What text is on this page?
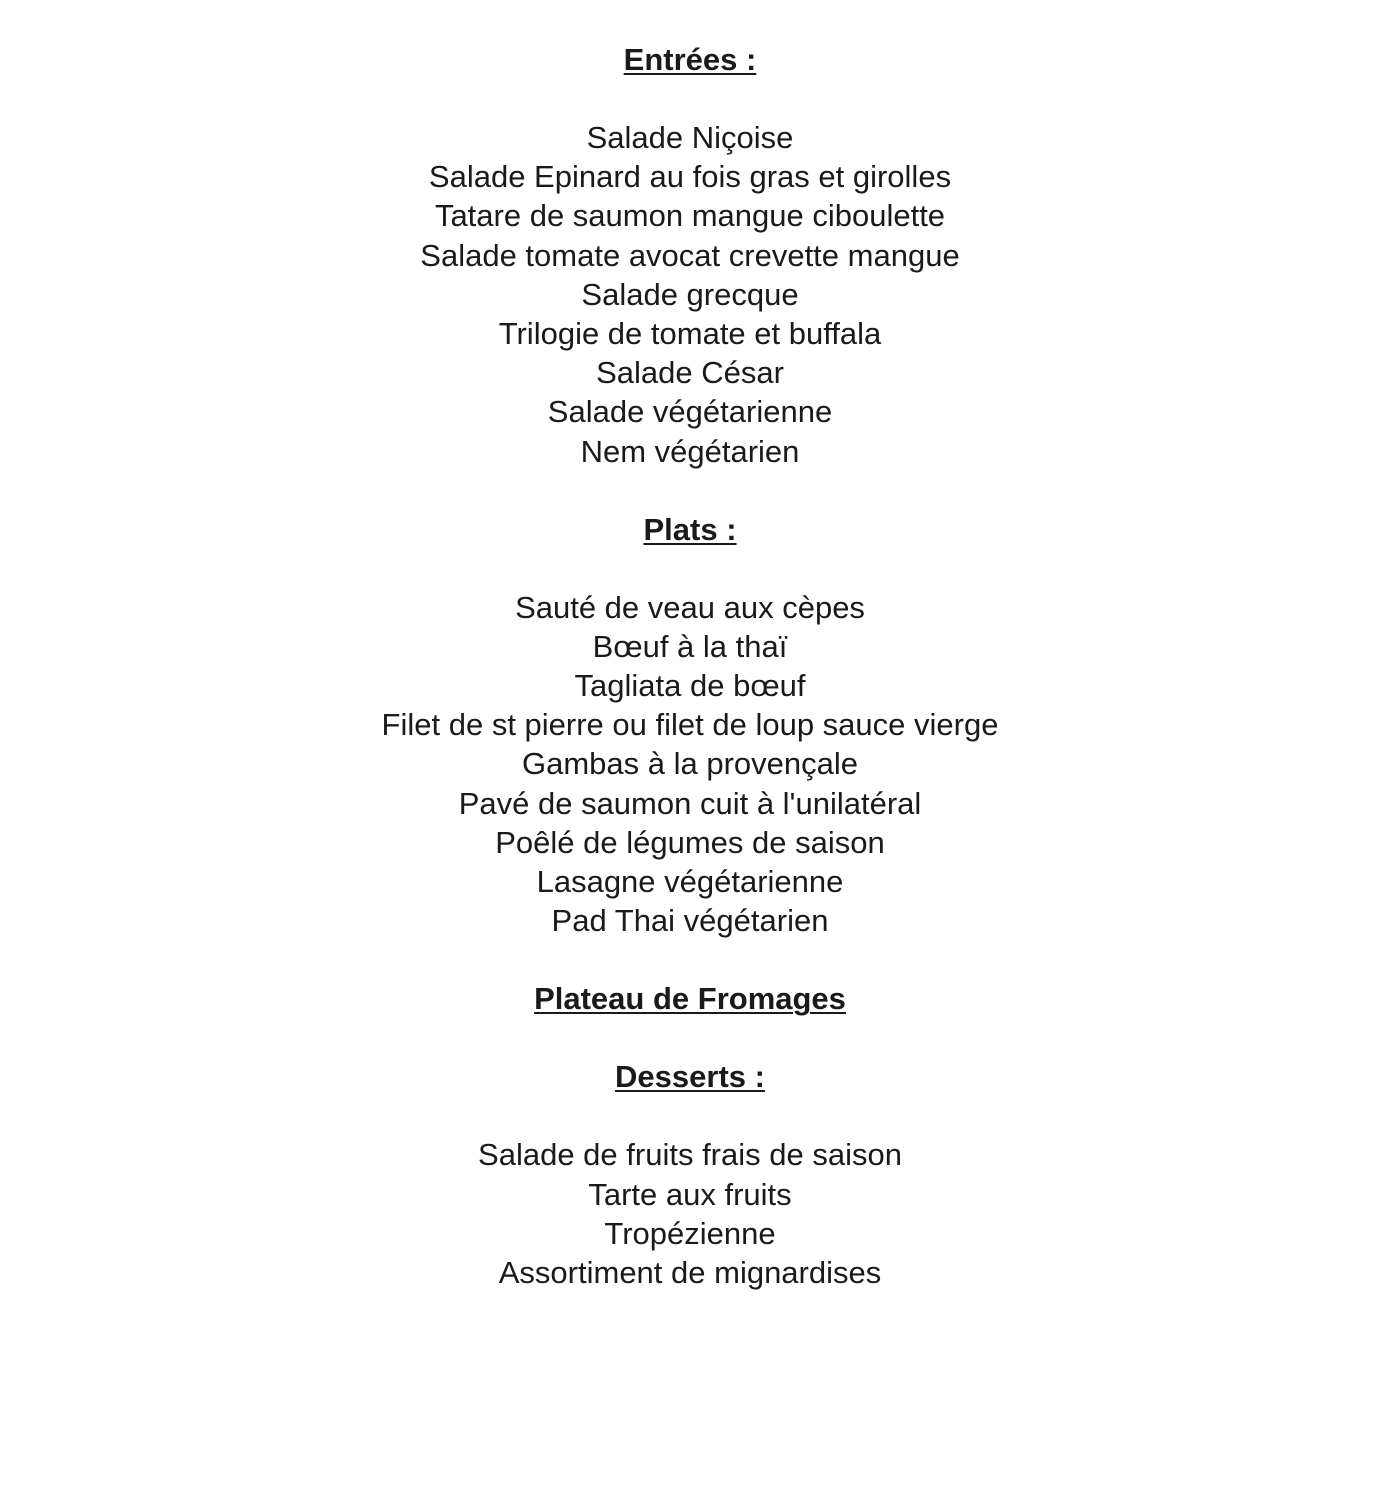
Entrées :
Salade Niçoise
Salade Epinard au fois gras et girolles
Tatare de saumon mangue ciboulette
Salade tomate avocat crevette mangue
Salade grecque
Trilogie de tomate et buffala
Salade César
Salade végétarienne
Nem végétarien
Plats :
Sauté de veau aux cèpes
Bœuf à la thaï
Tagliata de bœuf
Filet de st pierre ou filet de loup sauce vierge
Gambas à la provençale
Pavé de saumon cuit à l'unilatéral
Poêlé de légumes de saison
Lasagne végétarienne
Pad Thai végétarien
Plateau de Fromages
Desserts :
Salade de fruits frais de saison
Tarte aux fruits
Tropézienne
Assortiment de mignardises
